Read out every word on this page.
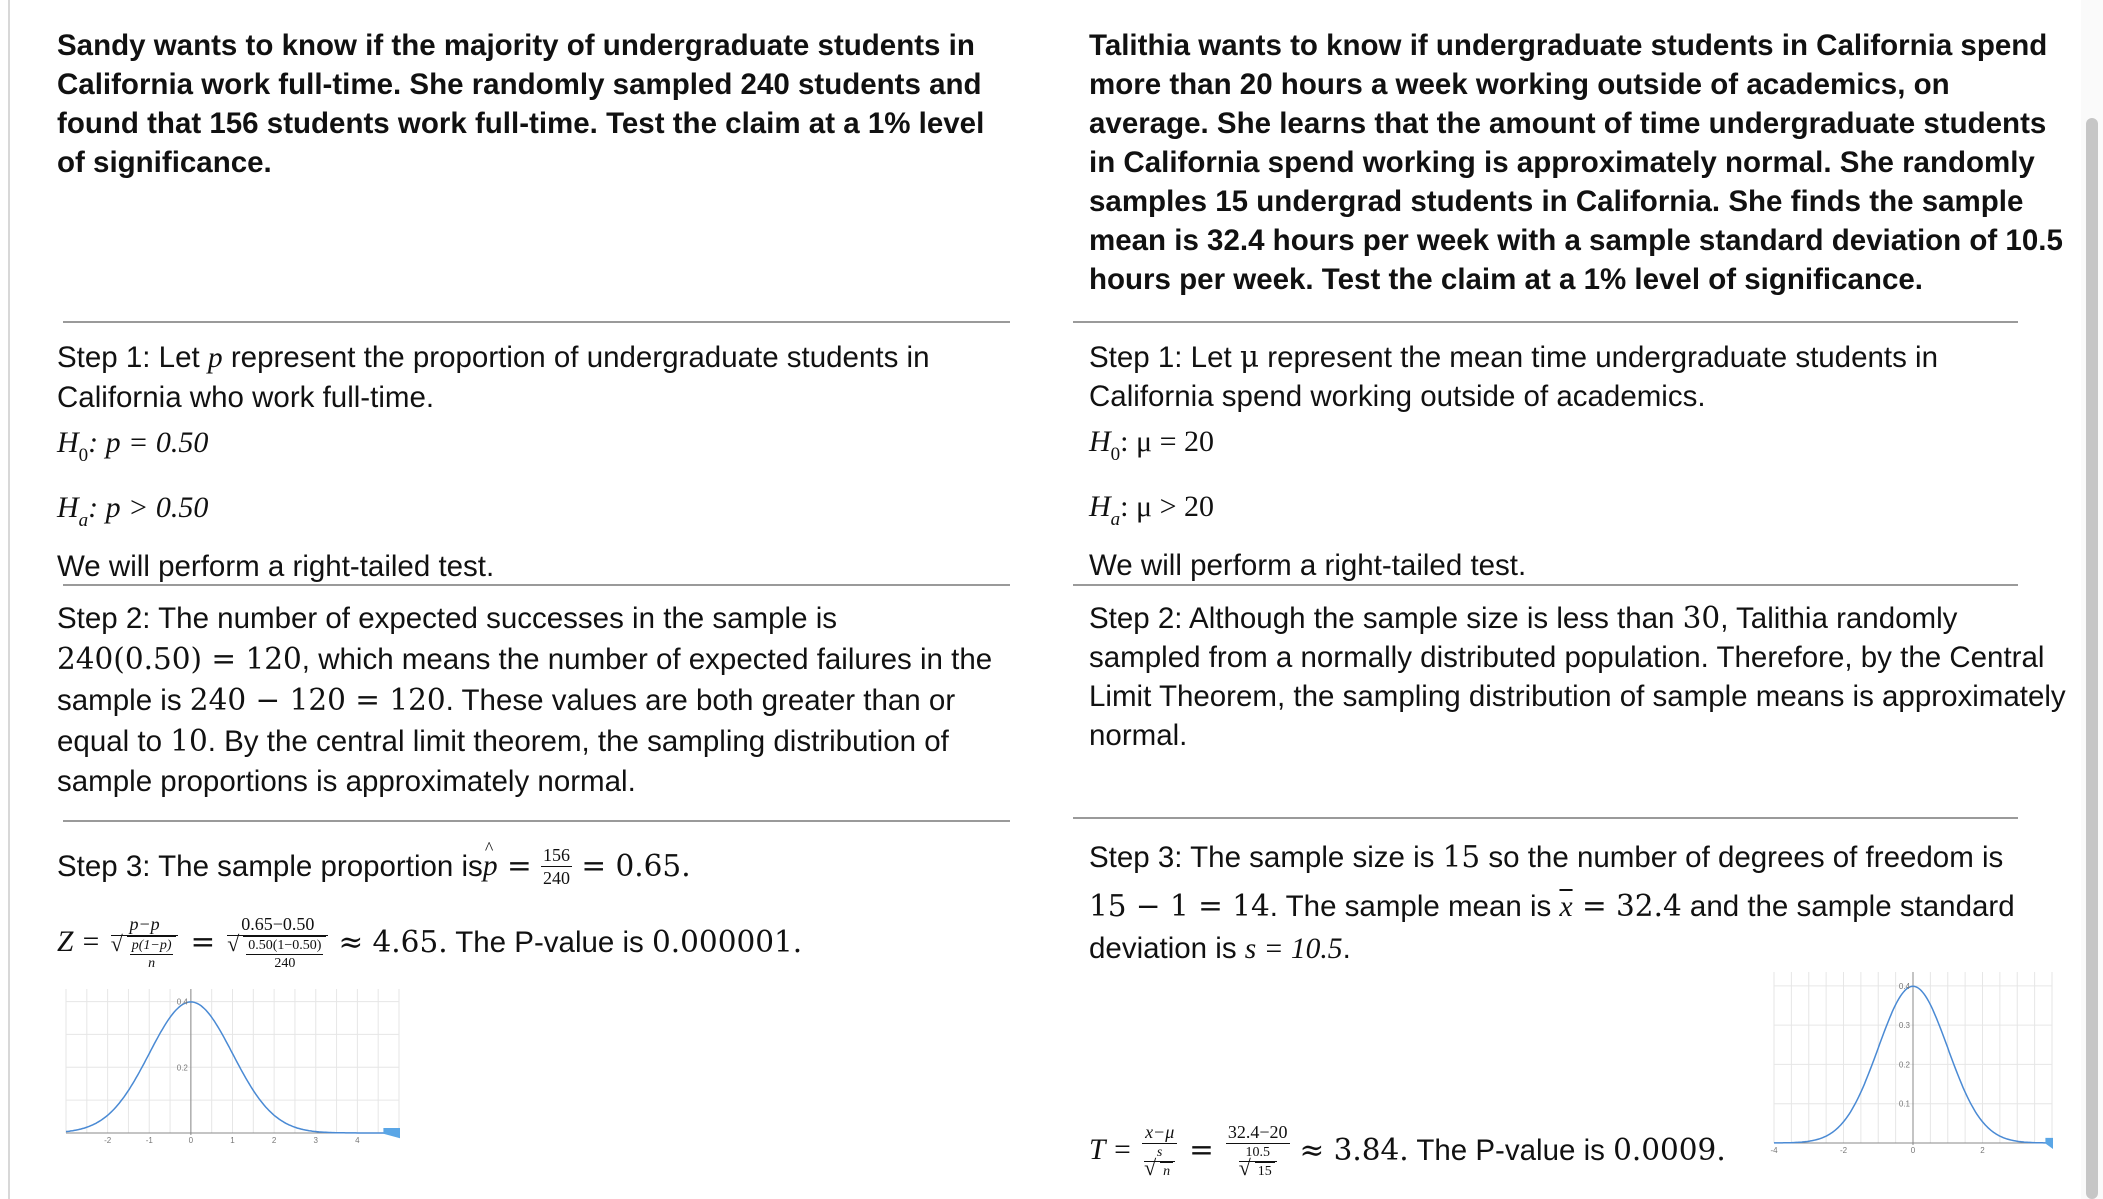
Sandy wants to know if the majority of undergraduate students in California work full-time. She randomly sampled 240 students and found that 156 students work full-time. Test the claim at a 1% level of significance.
Step 1: Let p represent the proportion of undergraduate students in California who work full-time.
$H_0$: p = 0.50
$H_a$: p > 0.50
We will perform a right-tailed test.
Step 2: The number of expected successes in the sample is
240(0.50) = 120, which means the number of expected failures in the
sample is 240 − 120 = 120. These values are both greater than or
equal to 10. By the central limit theorem, the sampling distribution of
sample proportions is approximately normal.
Step 3: The sample proportion is ^ $p = \frac{156}{240} = 0.65$.
Z = p−p
√ $\frac{p(1-p)}{n} = 0.65-0.50$
√ $\frac{0.50(1-0.50)}{240} \approx 4.65$. The P-value is 0.000001.
-2	-1	0	1	2	3	4
0.4
0.2
Talithia wants to know if undergraduate students in California spend more than 20 hours a week working outside of academics, on average. She learns that the amount of time undergraduate students in California spend working is approximately normal. She randomly samples 15 undergrad students in California. She finds the sample mean is 32.4 hours per week with a sample standard deviation of 10.5 hours per week. Test the claim at a 1% level of significance.
Step 1: Let μ represent the mean time undergraduate students in California spend working outside of academics.
$H_0$: μ = 20
$H_a$: μ > 20
We will perform a right-tailed test.
Step 2: Although the sample size is less than 30, Talithia randomly sampled from a normally distributed population. Therefore, by the Central Limit Theorem, the sampling distribution of sample means is approximately normal.
Step 3: The sample size is 15 so the number of degrees of freedom is
15 − 1 = 14. The sample mean is $\overline{x} = 32.4$ and the sample standard
deviation is s = 10.5.
T = x−μ
s
√ n = 32.4−20
10.5
√ 15 ≈ 3.84. The P-value is 0.0009.	-4	-2	0	2
0.4
0.3
0.2
0.1
